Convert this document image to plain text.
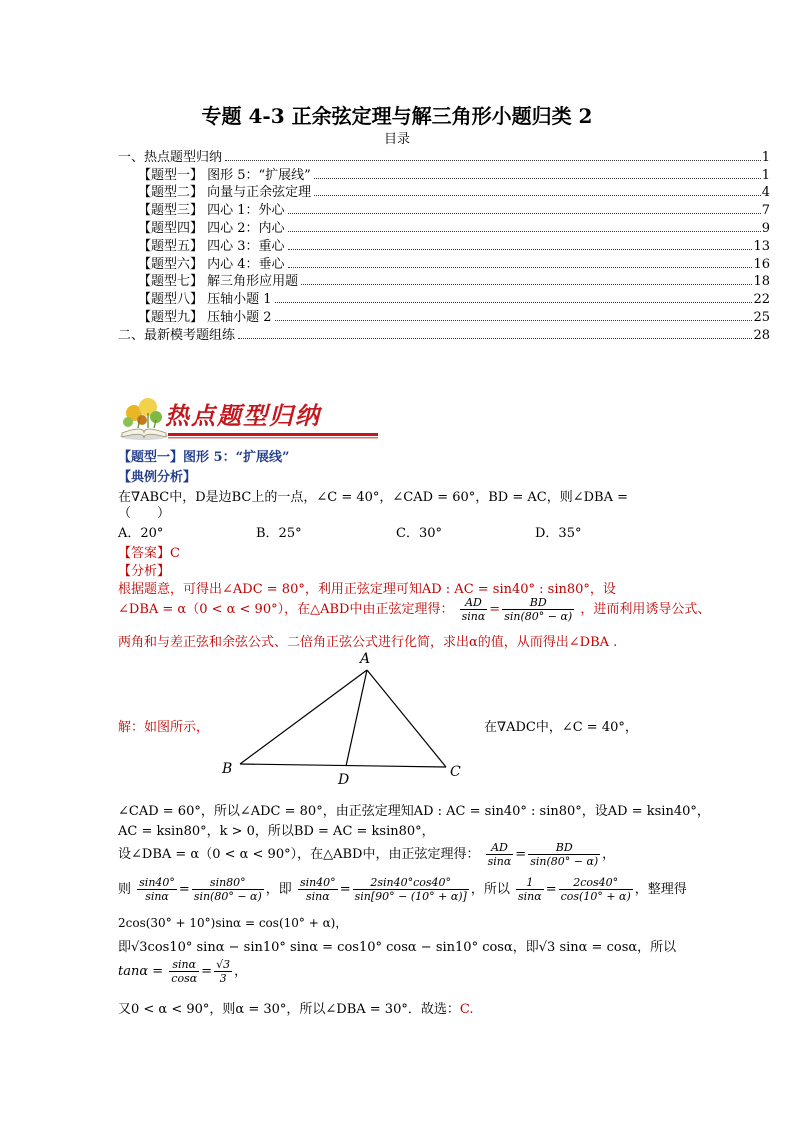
专题 4-3 正余弦定理与解三角形小题归类 2
目录
一、热点题型归纳	1
【题型一】 图形 5：“扩展线”	1
【题型二】 向量与正余弦定理	4
【题型三】 四心 1：外心	7
【题型四】 四心 2：内心	9
【题型五】 四心 3：重心	13
【题型六】 内心 4：垂心	16
【题型七】 解三角形应用题	18
【题型八】 压轴小题 1	22
【题型九】 压轴小题 2	25
二、最新模考题组练	28
热点题型归纳
【题型一】图形 5：“扩展线”
【典例分析】
在∇ABC中，D是边BC上的一点，∠C = 40°，∠CAD = 60°，BD = AC，则∠DBA =
（　　）
A．20°	B．25°	C．30°	D．35°
【答案】C
【分析】
根据题意，可得出∠ADC = 80°，利用正弦定理可知AD : AC = sin40° : sin80°，设
∠DBA = α（0 < α < 90°），在△ABD中由正弦定理得： $\frac{AD}{\sin\alpha} = \frac{BD}{\sin(80^\circ - \alpha)}$ ，进而利用诱导公式、
两角和与差正弦和余弦公式、二倍角正弦公式进行化简，求出α的值，从而得出∠DBA .
A
B	C
D
解：如图所示，	在∇ADC中，∠C = 40°，
∠CAD = 60°，所以∠ADC = 80°，由正弦定理知AD : AC = sin40° : sin80°，设AD = ksin40°，
AC = ksin80°，k > 0，所以BD = AC = ksin80°，
设∠DBA = α（0 < α < 90°），在△ABD中，由正弦定理得： $\frac{AD}{\sin\alpha} = \frac{BD}{\sin(80^\circ - \alpha)}$ ，
则 $\frac{\sin 40^\circ}{\sin\alpha} = \frac{\sin 80^\circ}{\sin(80^\circ - \alpha)}$ ，即 $\frac{\sin 40^\circ}{\sin\alpha} = \frac{2\sin 40^\circ\cos 40^\circ}{\sin[90^\circ - (10^\circ + \alpha)]}$ ，所以 $\frac{1}{\sin\alpha} = \frac{2\cos 40^\circ}{\cos(10^\circ + \alpha)}$ ，整理得
2cos(30° + 10°)sinα = cos(10° + α)，
即√3cos10° sinα − sin10° sinα = cos10° cosα − sin10° cosα，即√3 sinα = cosα，所以
$\tan\alpha = \frac{\sin\alpha}{\cos\alpha} = \frac{√3}{3}$ ，
又0 < α < 90°，则α = 30°，所以∠DBA = 30°．故选：C.
